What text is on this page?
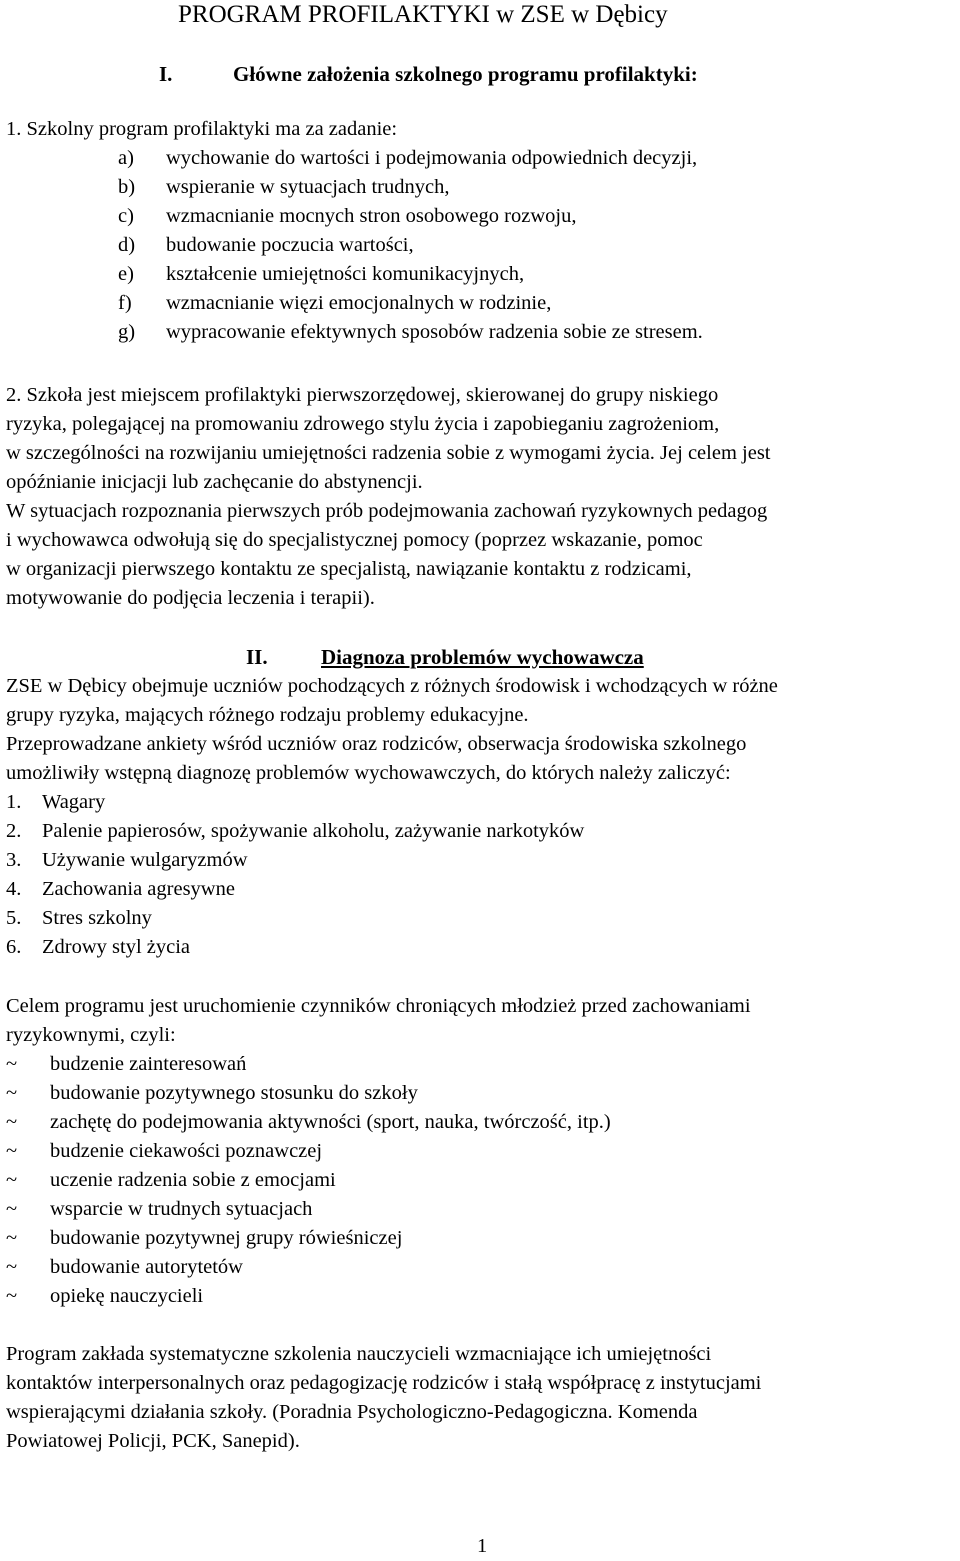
PROGRAM PROFILAKTYKI w ZSE w Dębicy
I.	Główne założenia szkolnego programu profilaktyki:
1. Szkolny program profilaktyki ma za zadanie:
a) wychowanie do wartości i podejmowania odpowiednich decyzji,
b) wspieranie w sytuacjach trudnych,
c) wzmacnianie mocnych stron osobowego rozwoju,
d) budowanie poczucia wartości,
e) kształcenie umiejętności komunikacyjnych,
f) wzmacnianie więzi emocjonalnych w rodzinie,
g) wypracowanie efektywnych sposobów radzenia sobie ze stresem.
2. Szkoła jest miejscem profilaktyki pierwszorzędowej, skierowanej do grupy niskiego
ryzyka, polegającej na promowaniu zdrowego stylu życia i zapobieganiu zagrożeniom,
w szczególności na rozwijaniu umiejętności radzenia sobie z wymogami życia. Jej celem jest
opóźnianie inicjacji lub zachęcanie do abstynencji.
W sytuacjach rozpoznania pierwszych prób podejmowania zachowań ryzykownych pedagog
i wychowawca odwołują się do specjalistycznej pomocy (poprzez wskazanie, pomoc
w organizacji pierwszego kontaktu ze specjalistą, nawiązanie kontaktu z rodzicami,
motywowanie do podjęcia leczenia i terapii).
ZSE w Dębicy obejmuje uczniów pochodzących z różnych środowisk i wchodzących w różne
grupy ryzyka, mających różnego rodzaju problemy edukacyjne.
Przeprowadzane ankiety wśród uczniów oraz rodziców, obserwacja środowiska szkolnego
umożliwiły wstępną diagnozę problemów wychowawczych, do których należy zaliczyć:
1. Wagary
2. Palenie papierosów, spożywanie alkoholu, zażywanie narkotyków
3. Używanie wulgaryzmów
4. Zachowania agresywne
5. Stres szkolny
6. Zdrowy styl życia
Celem programu jest uruchomienie czynników chroniących młodzież przed zachowaniami
ryzykownymi, czyli:
~ budzenie zainteresowań
~ budowanie pozytywnego stosunku do szkoły
~ zachętę do podejmowania aktywności (sport, nauka, twórczość, itp.)
~ budzenie ciekawości poznawczej
~ uczenie radzenia sobie z emocjami
~ wsparcie w trudnych sytuacjach
~ budowanie pozytywnej grupy rówieśniczej
~ budowanie autorytetów
~ opiekę nauczycieli
Program zakłada systematyczne szkolenia nauczycieli wzmacniające ich umiejętności
kontaktów interpersonalnych oraz pedagogizację rodziców i stałą współpracę z instytucjami
wspierającymi działania szkoły. (Poradnia Psychologiczno-Pedagogiczna. Komenda
Powiatowej Policji, PCK, Sanepid).
II.	Diagnoza problemów wychowawcza
1
